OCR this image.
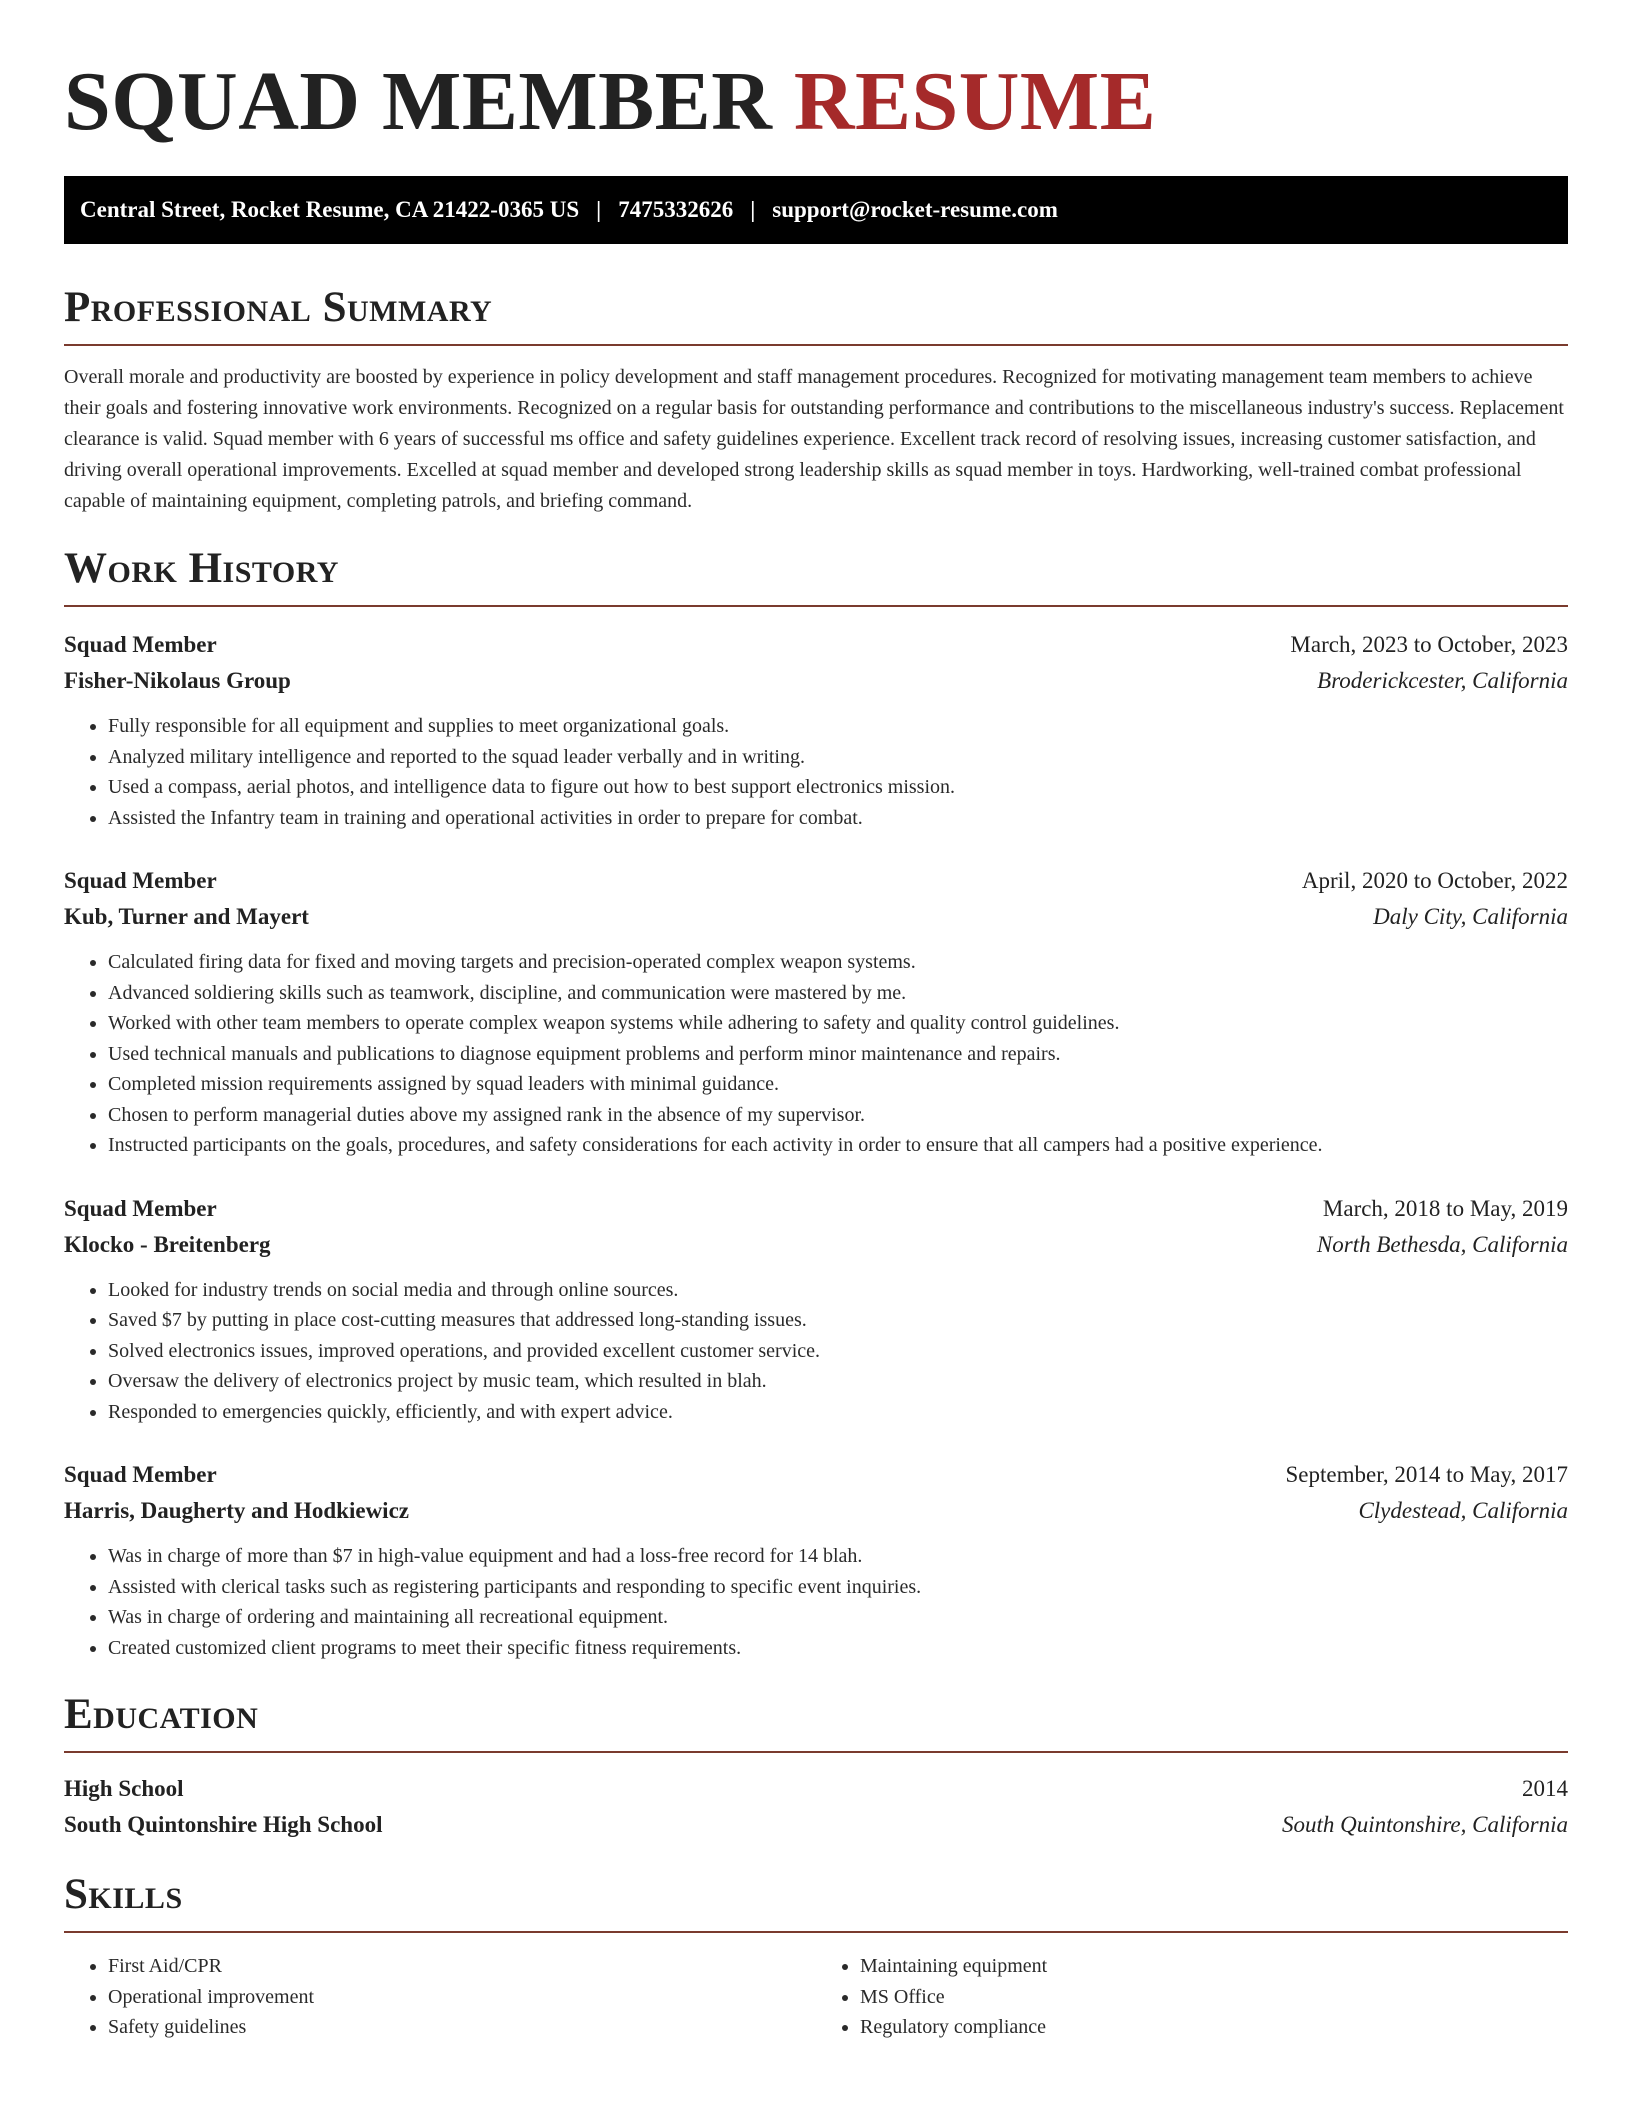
SQUAD MEMBER RESUME
Central Street, Rocket Resume, CA 21422-0365 US | 7475332626 | support@rocket-resume.com
Professional Summary

Overall morale and productivity are boosted by experience in policy development and staff management procedures. Recognized for motivating management team members to achieve their goals and fostering innovative work environments. Recognized on a regular basis for outstanding performance and contributions to the miscellaneous industry's success. Replacement clearance is valid. Squad member with 6 years of successful ms office and safety guidelines experience. Excellent track record of resolving issues, increasing customer satisfaction, and driving overall operational improvements. Excelled at squad member and developed strong leadership skills as squad member in toys. Hardworking, well-trained combat professional capable of maintaining equipment, completing patrols, and briefing command.

Work History
Squad Member	March, 2023 to October, 2023
Fisher-Nikolaus Group	Broderickcester, California
• Fully responsible for all equipment and supplies to meet organizational goals.
• Analyzed military intelligence and reported to the squad leader verbally and in writing.
• Used a compass, aerial photos, and intelligence data to figure out how to best support electronics mission.
• Assisted the Infantry team in training and operational activities in order to prepare for combat.
Squad Member	April, 2020 to October, 2022
Kub, Turner and Mayert	Daly City, California
• Calculated firing data for fixed and moving targets and precision-operated complex weapon systems.
• Advanced soldiering skills such as teamwork, discipline, and communication were mastered by me.
• Worked with other team members to operate complex weapon systems while adhering to safety and quality control guidelines.
• Used technical manuals and publications to diagnose equipment problems and perform minor maintenance and repairs.
• Completed mission requirements assigned by squad leaders with minimal guidance.
• Chosen to perform managerial duties above my assigned rank in the absence of my supervisor.
• Instructed participants on the goals, procedures, and safety considerations for each activity in order to ensure that all campers had a positive experience.
Squad Member	March, 2018 to May, 2019
Klocko - Breitenberg	North Bethesda, California
• Looked for industry trends on social media and through online sources.
• Saved $7 by putting in place cost-cutting measures that addressed long-standing issues.
• Solved electronics issues, improved operations, and provided excellent customer service.
• Oversaw the delivery of electronics project by music team, which resulted in blah.
• Responded to emergencies quickly, efficiently, and with expert advice.
Squad Member	September, 2014 to May, 2017
Harris, Daugherty and Hodkiewicz	Clydestead, California
• Was in charge of more than $7 in high-value equipment and had a loss-free record for 14 blah.
• Assisted with clerical tasks such as registering participants and responding to specific event inquiries.
• Was in charge of ordering and maintaining all recreational equipment.
• Created customized client programs to meet their specific fitness requirements.
Education
High School	2014
South Quintonshire High School	South Quintonshire, California
Skills
• First Aid/CPR
• Operational improvement
• Safety guidelines
• Maintaining equipment
• MS Office
• Regulatory compliance
